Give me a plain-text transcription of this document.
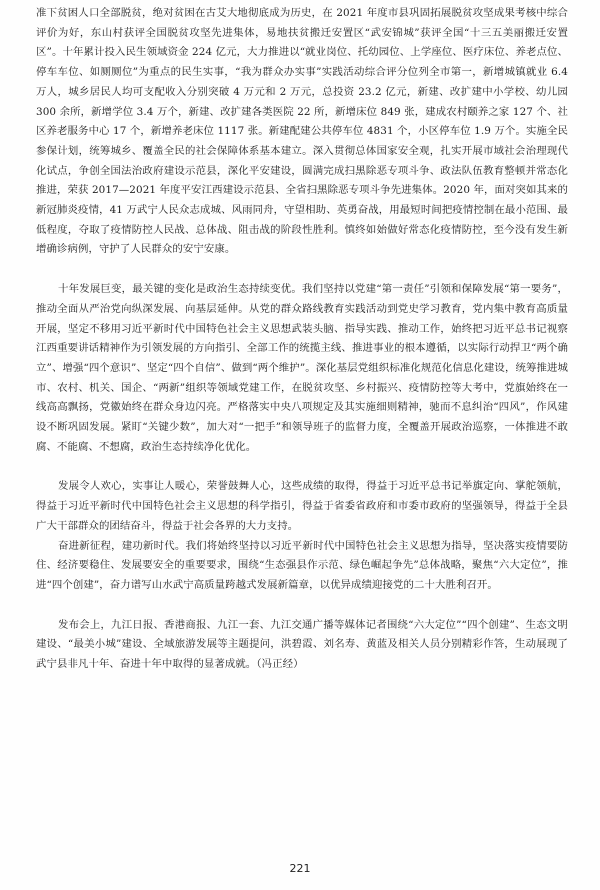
准下贫困人口全部脱贫，绝对贫困在古艾大地彻底成为历史，在 2021 年度市县巩固拓展脱贫攻坚成果考核中综合评价为好，东山村获评全国脱贫攻坚先进集体，易地扶贫搬迁安置区“武安锦城”获评全国“十三五美丽搬迁安置区”。十年累计投入民生领域资金 224 亿元，大力推进以“就业岗位、托幼园位、上学座位、医疗床位、养老点位、停车车位、如厕厕位”为重点的民生实事，“我为群众办实事”实践活动综合评分位列全市第一，新增城镇就业 6.4 万人，城乡居民人均可支配收入分别突破 4 万元和 2 万元，总投资 23.2 亿元，新建、改扩建中小学校、幼儿园 300 余所，新增学位 3.4 万个，新建、改扩建各类医院 22 所，新增床位 849 张，建成农村颐养之家 127 个、社区养老服务中心 17 个，新增养老床位 1117 张。新建配建公共停车位 4831 个，小区停车位 1.9 万个。实施全民参保计划，统筹城乡、覆盖全民的社会保障体系基本建立。深入贯彻总体国家安全观，扎实开展市域社会治理现代化试点，争创全国法治政府建设示范县，深化平安建设，圆满完成扫黑除恶专项斗争、政法队伍教育整顿并常态化推进，荣获 2017—2021 年度平安江西建设示范县、全省扫黑除恶专项斗争先进集体。2020 年，面对突如其来的新冠肺炎疫情，41 万武宁人民众志成城、风雨同舟，守望相助、英勇奋战，用最短时间把疫情控制在最小范围、最低程度，夺取了疫情防控人民战、总体战、阻击战的阶段性胜利。慎终如始做好常态化疫情防控，至今没有发生新增确诊病例，守护了人民群众的安宁安康。

十年发展巨变，最关键的变化是政治生态持续变优。我们坚持以党建“第一责任”引领和保障发展“第一要务”，推动全面从严治党向纵深发展、向基层延伸。从党的群众路线教育实践活动到党史学习教育，党内集中教育高质量开展，坚定不移用习近平新时代中国特色社会主义思想武装头脑、指导实践、推动工作，始终把习近平总书记视察江西重要讲话精神作为引领发展的方向指引、全部工作的统揽主线、推进事业的根本遵循，以实际行动捍卫“两个确立”、增强“四个意识”、坚定“四个自信”、做到“两个维护”。深化基层党组织标准化规范化信息化建设，统筹推进城市、农村、机关、国企、“两新”组织等领域党建工作，在脱贫攻坚、乡村振兴、疫情防控等大考中，党旗始终在一线高高飘扬，党徽始终在群众身边闪亮。严格落实中央八项规定及其实施细则精神，驰而不息纠治“四风”，作风建设不断巩固发展。紧盯“关键少数”，加大对“一把手”和领导班子的监督力度，全覆盖开展政治巡察，一体推进不敢腐、不能腐、不想腐，政治生态持续净化优化。

发展令人欢心，实事让人暖心，荣誉鼓舞人心，这些成绩的取得，得益于习近平总书记举旗定向、掌舵领航，得益于习近平新时代中国特色社会主义思想的科学指引，得益于省委省政府和市委市政府的坚强领导，得益于全县广大干部群众的团结奋斗，得益于社会各界的大力支持。

奋进新征程，建功新时代。我们将始终坚持以习近平新时代中国特色社会主义思想为指导，坚决落实疫情要防住、经济要稳住、发展要安全的重要要求，围绕“生态强县作示范、绿色崛起争先”总体战略，聚焦“六大定位”，推进“四个创建”，奋力谱写山水武宁高质量跨越式发展新篇章，以优异成绩迎接党的二十大胜利召开。

发布会上，九江日报、香港商报、九江一套、九江交通广播等媒体记者围绕“六大定位”“四个创建”、生态文明建设、“最美小城”建设、全域旅游发展等主题提问，洪碧霞、刘名寿、黄蓝及相关人员分别精彩作答，生动展现了武宁县非凡十年、奋进十年中取得的显著成就。（冯正经）

221
